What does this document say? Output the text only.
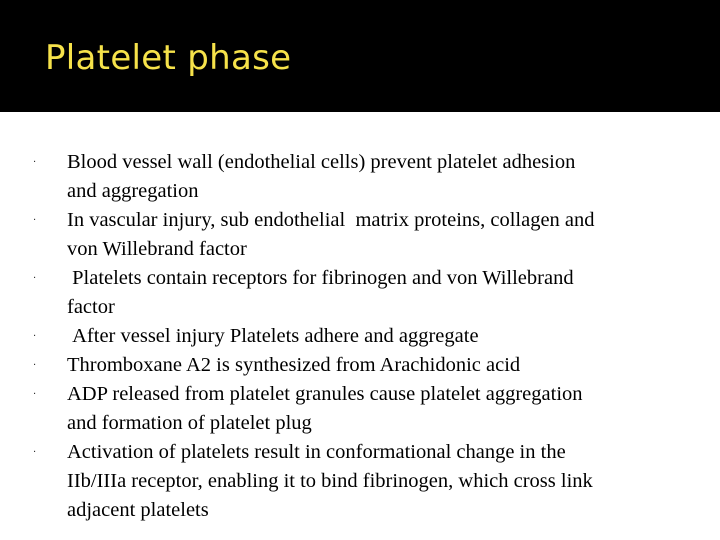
Platelet phase
· Blood vessel wall (endothelial cells) prevent platelet adhesion
and aggregation
· In vascular injury, sub endothelial  matrix proteins, collagen and
von Willebrand factor
· Platelets contain receptors for fibrinogen and von Willebrand
factor
· After vessel injury Platelets adhere and aggregate
· Thromboxane A2 is synthesized from Arachidonic acid
· ADP released from platelet granules cause platelet aggregation
and formation of platelet plug
· Activation of platelets result in conformational change in the
IIb/IIIa receptor, enabling it to bind fibrinogen, which cross link
adjacent platelets
